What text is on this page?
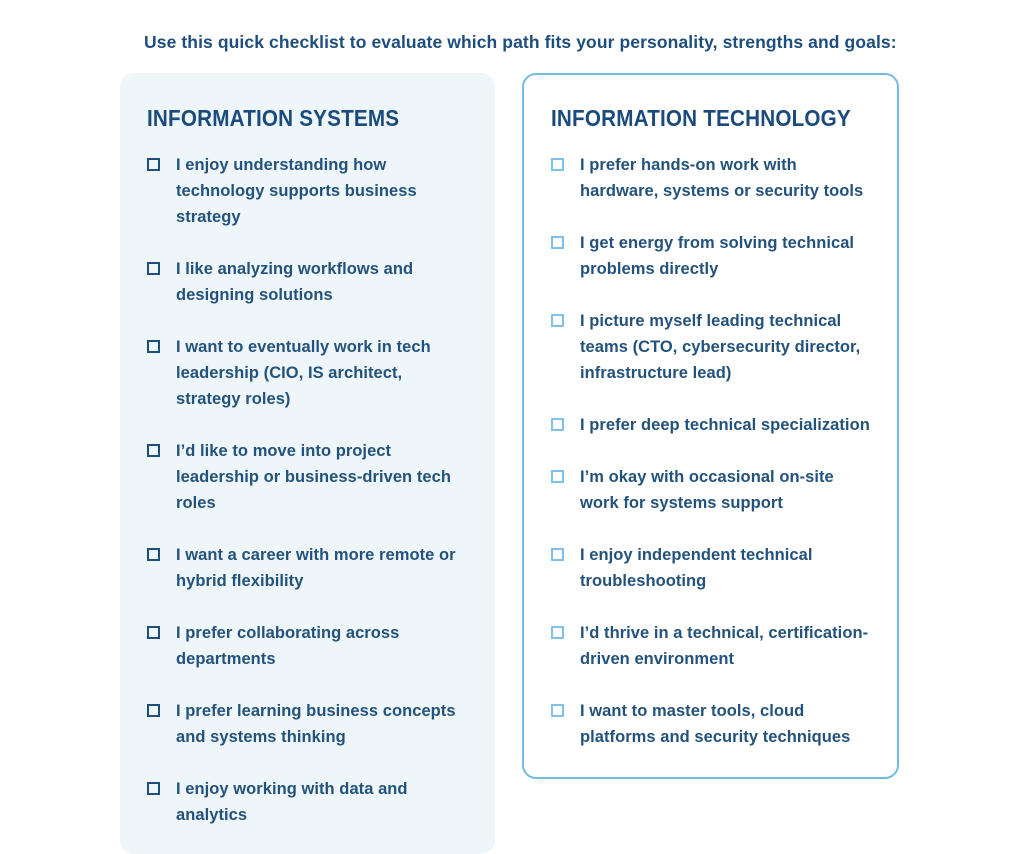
Use this quick checklist to evaluate which path fits your personality, strengths and goals:
INFORMATION SYSTEMS
I enjoy understanding how technology supports business strategy
I like analyzing workflows and designing solutions
I want to eventually work in tech leadership (CIO, IS architect, strategy roles)
I’d like to move into project leadership or business-driven tech roles
I want a career with more remote or hybrid flexibility
I prefer collaborating across departments
I prefer learning business concepts and systems thinking
I enjoy working with data and analytics
INFORMATION TECHNOLOGY
I prefer hands-on work with hardware, systems or security tools
I get energy from solving technical problems directly
I picture myself leading technical teams (CTO, cybersecurity director, infrastructure lead)
I prefer deep technical specialization
I’m okay with occasional on-site work for systems support
I enjoy independent technical troubleshooting
I’d thrive in a technical, certification-driven environment
I want to master tools, cloud platforms and security techniques
